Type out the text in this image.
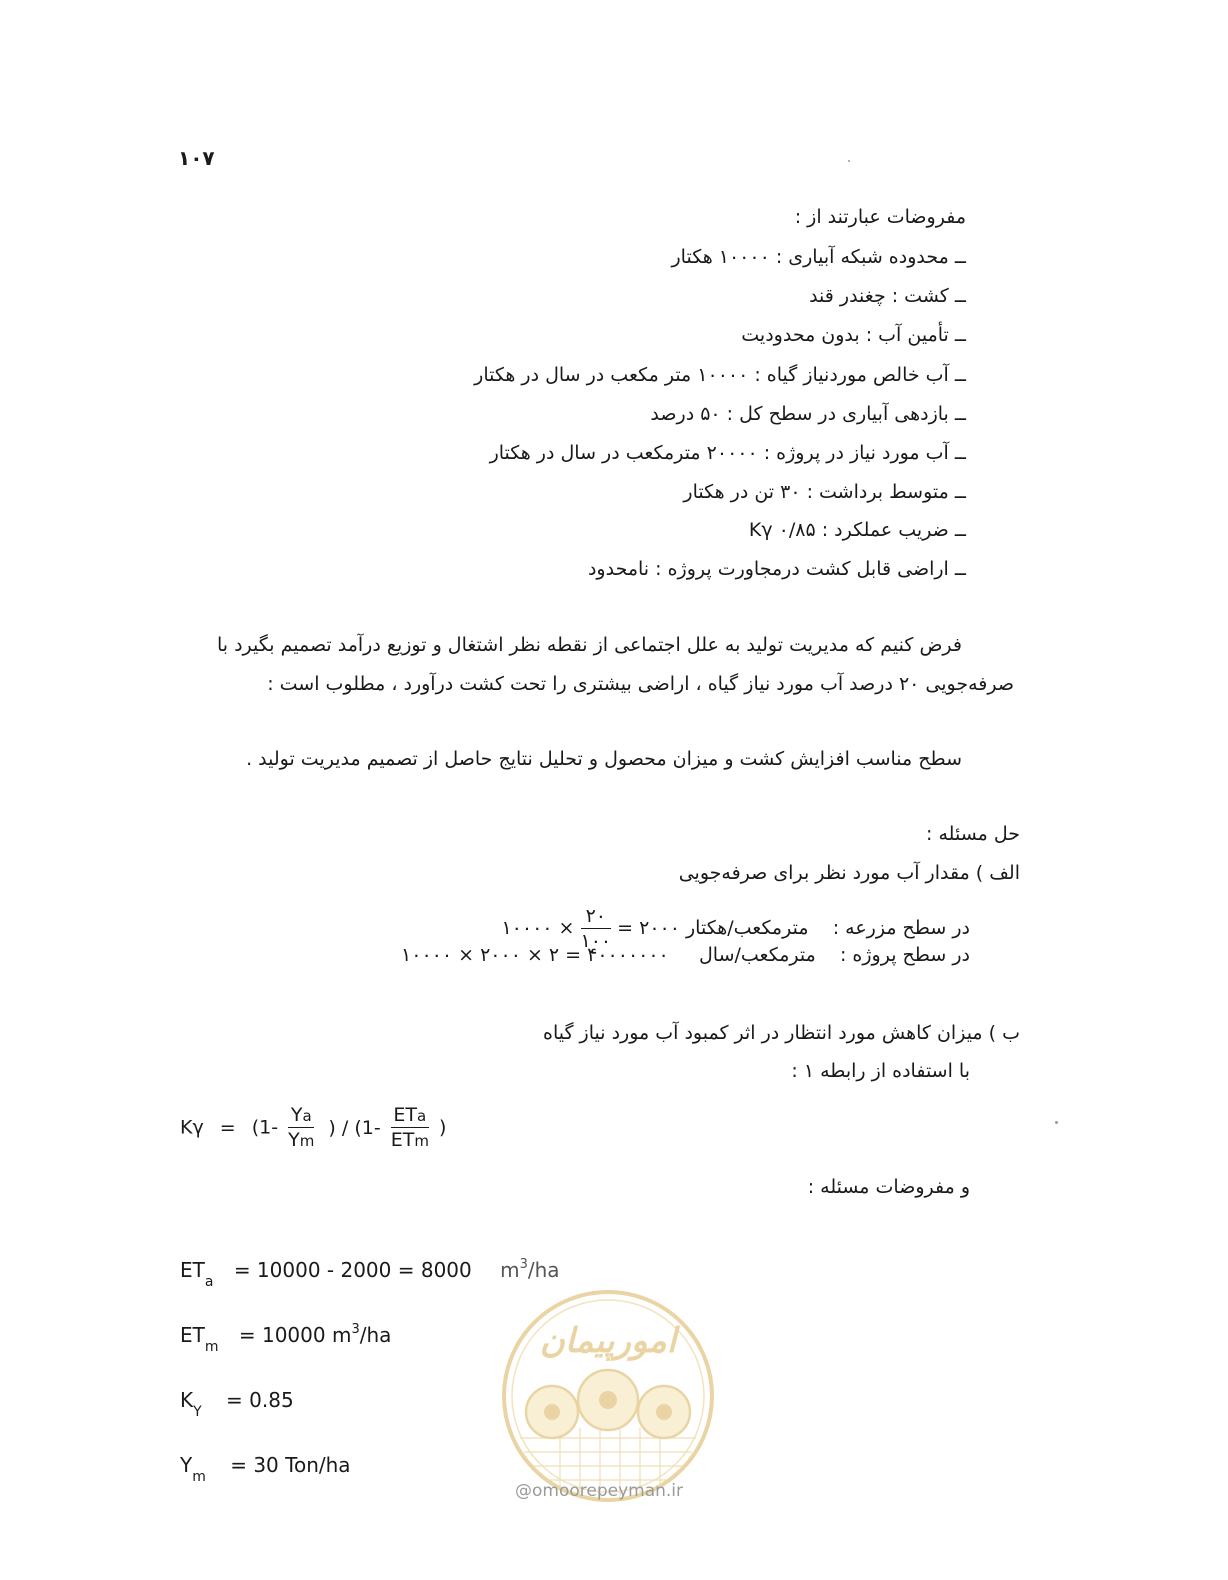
۱۰۷
مفروضات عبارتند از :
ــ محدوده شبکه آبیاری : ۱۰۰۰۰ هکتار
ــ کشت : چغندر قند
ــ تأمین آب : بدون محدودیت
ــ آب خالص موردنیاز گیاه : ۱۰۰۰۰ متر مکعب در سال در هکتار
ــ بازدهی آبیاری در سطح کل : ۵۰ درصد
ــ آب مورد نیاز در پروژه : ۲۰۰۰۰ مترمکعب در سال در هکتار
ــ متوسط برداشت : ۳۰ تن در هکتار
ــ ضریب عملکرد : ۰/۸۵ Kγ
ــ اراضی قابل کشت درمجاورت پروژه : نامحدود
فرض کنیم که مدیریت تولید به علل اجتماعی از نقطه نظر اشتغال و توزیع درآمد تصمیم بگیرد با
صرفه‌جویی ۲۰ درصد آب مورد نیاز گیاه ، اراضی بیشتری را تحت کشت درآورد ، مطلوب است :
سطح مناسب افزایش کشت و میزان محصول و تحلیل نتایج حاصل از تصمیم مدیریت تولید .
حل مسئله :
الف ) مقدار آب مورد نظر برای صرفه‌جویی
در سطح مزرعه :    مترمکعب/هکتار ۲۰۰۰ =
$\frac{۲۰}{۱۰۰}$
× ۱۰۰۰۰
در سطح پروژه :    مترمکعب/سال     ۴۰۰۰۰۰۰۰ = ۲ × ۲۰۰۰ × ۱۰۰۰۰
ب ) میزان کاهش مورد انتظار در اثر کمبود آب مورد نیاز گیاه
با استفاده از رابطه ۱ :
$K\gamma = (1- \frac{Ya}{Ym}$ ) / ($1- \frac{\text{ETa}}{\text{ETm}}$ )
و مفروضات مسئله :
$ET_a = 10000 - 2000 = 8000$ $m^3/ha$
$ET_m = 10000$ $m^3/ha$
$K_Y = 0.85$
$Y_m = 30$ Ton/ha
امورپیمان
@omoorepeyman.ir
